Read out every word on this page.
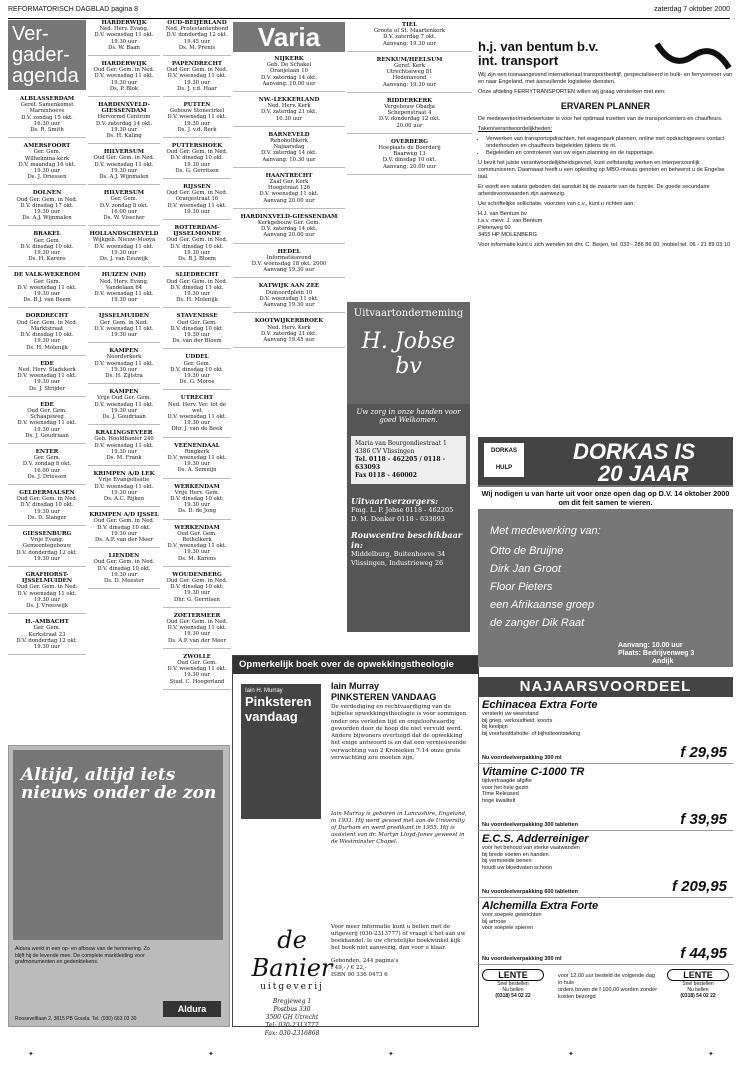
REFORMATORISCH DAGBLAD pagina 8	zaterdag 7 oktober 2000
Ver-
gader-
agenda
ALBLASSERDAM
Geref. Samenkomst
Marnixhoeve
D.V. zondag 15 okt.
16.30 uur
Ds. R. Smith
AMERSFOORT
Ger. Gem.
Wilhelmina-kerk
D.V. maandag 16 okt.
19.30 uur
Ds. J. Driessen
DOLNEN
Oud Ger. Gem. in Ned.
D.V. dinsdag 17 okt.
19.30 uur
Ds. A.J. Wijnmalen
BRAKEL
Ger. Gem.
D.V. dinsdag 10 okt.
19.30 uur
Ds. H. Karens
DE VALK-WEKEROM
Ger. Gem.
D.V. woensdag 11 okt.
19.30 uur
Ds. B.J. van Beem
DORDRECHT
Oud Ger. Gem. in Ned.
Marktstraat
D.V. dinsdag 10 okt.
19.30 uur
Ds. H. Molenijk
EDE
Ned. Herv. Stadskerk
D.V. woensdag 11 okt.
19.30 uur
Ds. J. Strijder
EDE
Oud Ger. Gem.
Schaapsweg
D.V. woensdag 11 okt.
19.30 uur
Ds. J. Goudriaan
ENTER
Ger. Gem.
D.V. zondag 8 okt.
16.00 uur
Ds. J. Driessen
GELDERMALSEN
Oud Ger. Gem. in Ned.
D.V. dinsdag 10 okt.
19.30 uur
Ds. D. Slanger
GIESSENBURG
Vrije Evang.
Gemeentegebouw
D.V. donderdag 12 okt.
19.30 uur
GRAFHORST-IJSSELMUIDEN
Oud Ger. Gem. in Ned.
D.V. woensdag 11 okt.
19.30 uur
Ds. J. Vreeswijk
H.-AMBACHT
Ger. Gem.
Kerkstraat 23
D.V. donderdag 12 okt.
19.30 uur
HARDERWIJK
Ned. Herv. Evang.
D.V. woensdag 11 okt.
19.30 uur
Ds. W. Baan
HARDERWIJK
Oud Ger. Gem. in Ned.
D.V. woensdag 11 okt.
19.30 uur
Ds. P. Blok
HARDINXVELD-GIESSENDAM
Hervormd Centrum
D.V. zaterdag 14 okt.
19.30 uur
Ds. H. Kaling
HILVERSUM
Oud Ger. Gem. in Ned.
D.V. woensdag 11 okt.
19.30 uur
Ds. A.J. Wijnmalen
HILVERSUM
Ger. Gem.
D.V. zondag 8 okt.
16.00 uur
Ds. W. Visscher
HOLLANDSCHEVELD
Wijkgeb. Nieuw-Mooya
D.V. woensdag 11 okt.
19.30 uur
Ds. J. van Eeuwijk
HUIZEN (NH)
Ned. Herv. Evang.
Vandelaan 64
D.V. woensdag 11 okt.
19.30 uur
IJSSELMUIDEN
Ger. Gem. in Ned.
D.V. woensdag 11 okt.
19.30 uur
KAMPEN
Noorderkerk
D.V. woensdag 11 okt.
19.30 uur
Ds. H. Zijlstra
KAMPEN
Vrije Oud Ger. Gem.
D.V. woensdag 11 okt.
19.30 uur
Ds. J. Goudriaan
KRALINGSEVEER
Geb. Hoofdbanier 240
D.V. woensdag 11 okt.
19.30 uur
Ds. M. Frank
KRIMPEN A/D LEK
Vrije Evangelisatie
D.V. woensdag 11 okt.
19.30 uur
Ds. A.C. Rijken
KRIMPEN A/D IJSSEL
Oud Ger. Gem. in Ned.
D.V. dinsdag 10 okt.
19.30 uur
Ds. A.P. van der Meer
LIENDEN
Oud Ger. Gem. in Ned.
D.V. dinsdag 10 okt.
19.30 uur
Ds. D. Meester
OUD-BEIJERLAND
Ned. Protestantenbond
D.V. donderdag 12 okt.
19.45 uur
Ds. M. Prenis
PAPENDRECHT
Oud Ger. Gem. in Ned.
D.V. woensdag 11 okt.
19.30 uur
Ds. J. v.d. Haar
PUTTEN
Gebouw Stonecirkel
D.V. woensdag 11 okt.
19.30 uur
Ds. J. v.d. Berk
PUTTERSHOEK
Oud Ger. Gem. in Ned.
D.V. dinsdag 10 okt.
19.30 uur
Ds. G. Gerritsen
RIJSSEN
Oud Ger. Gem. in Ned.
Oranjestraat 16
D.V. woensdag 11 okt.
19.30 uur
ROTTERDAM-IJSSELMONDE
Oud Ger. Gem. in Ned.
D.V. dinsdag 10 okt.
19.30 uur
Ds. B.J. Bloem
SLIEDRECHT
Oud Ger. Gem. in Ned.
D.V. dinsdag 11 okt.
19.30 uur
Ds. H. Molenijk
STAVENISSE
Oud Ger. Gem.
D.V. dinsdag 10 okt.
19.30 uur
Ds. van der Bloem
UDDEL
Ger. Gem.
D.V. dinsdag 10 okt.
19.30 uur
Ds. G. Moree
UTRECHT
Ned. Herv. Ver. tot de wet
D.V. woensdag 11 okt.
19.30 uur
Dhr. J. van de Beek
VEENENDAAL
Ringkerk
D.V. woensdag 11 okt.
19.30 uur
Ds. A. Semeijn
WERKENDAM
Vrije Herv. Gem.
D.V. dinsdag 10 okt.
19.30 uur
Ds. D. de Jong
WERKENDAM
Oud Ger. Gem. Bethelkerk
D.V. woensdag 11 okt.
19.30 uur
Ds. M. Karens
WOUDENBERG
Oud Ger. Gem. in Ned.
D.V. dinsdag 10 okt.
19.30 uur
Dhr. G. Gerritsen
ZOETERMEER
Oud Ger. Gem. in Ned.
D.V. woensdag 11 okt.
19.30 uur
Ds. A.P. van der Meer
ZWOLLE
Oud Ger. Gem.
D.V. woensdag 11 okt.
19.30 uur
Stud. C. Hoogerland
Varia
NIJKERK
Geb. De Schakel
Oranjelaan 10
D.V. zaterdag 14 okt.
Aanvang: 10.00 uur
NW.-LEKKERLAND
Ned. Herv. Kerk
D.V. zaterdag 21 okt.
10.30 uur
BARNEVELD
Rehobothkerk
Najaarsdag
D.V. zaterdag 14 okt.
Aanvang: 10.30 uur
HAANTRECHT
Zaal Ger. Kerk
Hoogstraat 126
D.V. woensdag 11 okt.
Aanvang 20.00 uur
HARDINXVELD-GIESSENDAM
Kerkgebouw Ger. Gem.
D.V. zaterdag 14 okt.
Aanvang 20.00 uur
HEDEL
Informatieavond
D.V. woensdag 18 okt. 2000
Aanvang 19.30 uur
KATWIJK AAN ZEE
Duinoordplein 10
D.V. woensdag 11 okt.
Aanvang 19.30 uur
KOOTWIJKERBROEK
Ned. Herv. Kerk
D.V. zaterdag 21 okt.
Aanvang 19.45 uur
TIEL
Groote of St. Maartenkerk
D.V. zaterdag 7 okt.
Aanvang: 19.30 uur
RENKUM/HEELSUM
Geref. Kerk
Utrechtseweg 81
Hedenavond
Aanvang: 19.30 uur
RIDDERKERK
Vergebouw Obadja
Schepenstraat 4
D.V. donderdag 12 okt.
20.00 uur
OVERBERG
Hoeplaats de Boerderij
Baarweg 13
D.V. dinsdag 10 okt.
Aanvang: 20.00 uur
Uitvaartonderneming
H. Jobse bv
Uw zorg in onze handen voor goed Welkomen.
Maria van Bourgondiestraat 1
4386 CV Vlissingen
Tel. 0118 - 462205 / 0118 - 633093
Fax 0118 - 460002
Uitvaartverzorgers:
Fmg. L. P. Jobse 0118 - 462205
D. M. Donker 0118 - 633093
Rouwcentra beschikbaar in:
Middelburg, Buitenhoeve 34
Vlissingen, Industrieweg 26
Altijd, altijd iets
nieuws onder de zon
Aldura werkt in een op- en afbouw van de herinnering. Zo blijft hij de levende mee. De complete marktleiding voor grafmonumenten en gedenktekens.
Aldura
Rooseveltlaan 2, 3815 PB Gouda. Tel. (030) 663 03 30
Opmerkelijk boek over de opwekkingstheologie
Iain H. Murray
Pinksteren vandaag
Iain Murray
PINKSTEREN VANDAAG
De verdediging en rechtvaardiging van de bijbelse opwekkingstheologie is voor sommigen onder ons verleden tijd en ongeloofwaardig geworden door de hoop die niet vervuld werd. Andere bijwoners overtuigd dat de opwekking het enige antwoord is en dat een vernieuwende verwachting van 2 Kronieken 7:14 onze grote verwachting zou moeten zijn.
Iain Murray is geboren in Lancashire, Engeland, in 1931. Hij werd gevoed met aan de University of Durham en werd predikant in 1955. Hij is assistent van dr. Martyn Lloyd-Jones geweest in de Westminster Chapel.
de Banier
uitgeverij
Bregjeweg 1
Postbus 330
3500 GH Utrecht
Tel: 030-2313777
Fax: 030-2316868
Voor meer informatie kunt u bellen met de uitgeverij (030-2313777) of vraagt u het aan uw boekhandel. Ie uw christelijke boekwinkel kijk het boek niet aanwezig, dan voor u klaar.
Gebonden, 244 pagina's
f 49,- / € 22,-
ISBN 90 336 0473 6
h.j. van bentum b.v.
int. transport

Wij zijn een toonaangevend internationaal transportbedrijf, gespecialiseerd in bulk- en ferryvervoer van en naar Engeland, met aanvullende logistieke diensten.

Onze afdeling FERRYTRANSPORTEN willen wij graag versterken met een:

ERVAREN PLANNER

De medewerker/medewerkster is voor het optimaal inzetten van de transportcenters en chauffeurs.

Taken/verantwoordelijkheden:

• Verwerken van transportopdrachten, het wagenpark plannen, online met opdrachtgevers contact onderhouden en chauffeurs begeleiden tijdens de rit.
• Begeleiden en controleren van uw eigen planning en de rapportage.

U bezit het juiste verantwoordelijkheidsgevoel, kunt zelfstandig werken en interpersoonlijk communiceren. Daarnaast heeft u een opleiding op MBO-niveau genoten en beheerst u de Engelse taal.

Er wordt een salaris geboden dat aansluit bij de zwaarte van de functie. De goede secundaire arbeidsvoorwaarden zijn aanwezig.

Uw schriftelijke sollicitatie, voorzien van c.v., kunt u richten aan:

H.J. van Bentum bv
t.a.v. mevr. J. van Bentum
Pieterweg 60
3455 HP MOLENBERG

Voor informatie kunt u zich wenden tot dhr. C. Beijen, tel. 033 - 286 86 00, mobiel tel. 06 - 21 89 03 10

DORKAS HULP
DORKAS IS
20 JAAR
Wij nodigen u van harte uit voor onze open dag op D.V. 14 oktober 2000 om dit feit samen te vieren.
Met medewerking van:
Otto de Bruijne
Dirk Jan Groot
Floor Pieters
een Afrikaanse groep
de zanger Dik Raat
Aanvang: 10.00 uur
Plaats: Bedrijvenweg 3
Andijk
NAJAARSVOORDEEL
Echinacea Extra Forte
versterkt uw weerstand
bij griep, verkoudheid, koorts
bij keelpijn
bij voorhoofdsholte- of bijholteontsteking
Nu voordeelverpakking 300 ml	f 29,95
Vitamine C-1000 TR
tijdvertraagde afgifte
voor het hele gezin
Time Released
hoge kwaliteit
Nu voordeelverpakking 300 tabletten	f 39,95
E.C.S. Adderreiniger
voor het behoud van sterke vaatwanden
bij brede voeten en handen
bij vermoeide benen
houdt uw bloedvaten schoon
Nu voordeelverpakking 600 tabletten	f 209,95
Alchemilla Extra Forte
voor soepele gewrichten
bij artrose
voor soepele spieren
Nu voordeelverpakking 300 ml	f 44,95
LENTE
Snel bestellen
Nu bellen
(0318) 54 02 22
voor 12.00 uur besteld de volgende dag in huis
orders boven de f 100,00 worden zonder kosten bezorgd
LENTE
Snel bestellen
Nu bellen
(0318) 54 02 22
✦	✦	✦	✦	✦
